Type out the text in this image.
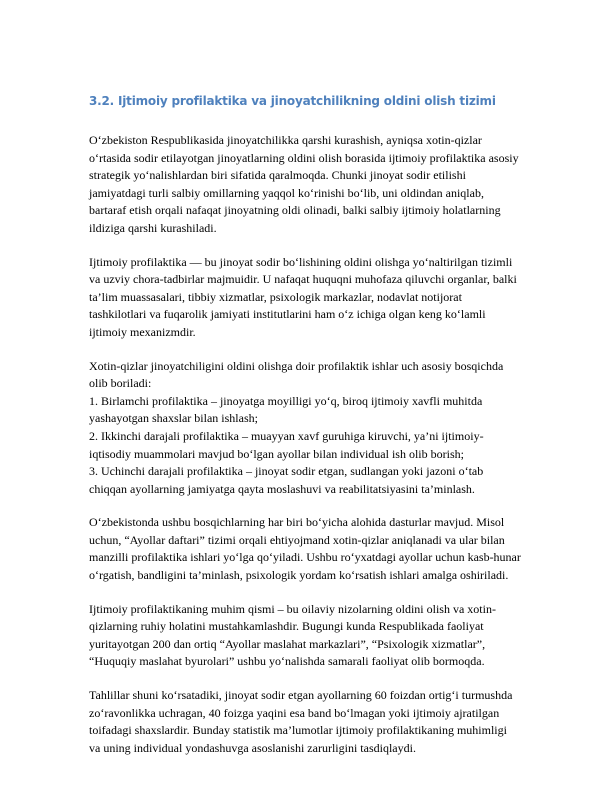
3.2. Ijtimoiy profilaktika va jinoyatchilikning oldini olish tizimi

O‘zbekiston Respublikasida jinoyatchilikka qarshi kurashish, ayniqsa xotin-qizlar
o‘rtasida sodir etilayotgan jinoyatlarning oldini olish borasida ijtimoiy profilaktika asosiy
strategik yo‘nalishlardan biri sifatida qaralmoqda. Chunki jinoyat sodir etilishi
jamiyatdagi turli salbiy omillarning yaqqol ko‘rinishi bo‘lib, uni oldindan aniqlab,
bartaraf etish orqali nafaqat jinoyatning oldi olinadi, balki salbiy ijtimoiy holatlarning
ildiziga qarshi kurashiladi.

Ijtimoiy profilaktika — bu jinoyat sodir bo‘lishining oldini olishga yo‘naltirilgan tizimli
va uzviy chora-tadbirlar majmuidir. U nafaqat huquqni muhofaza qiluvchi organlar, balki
ta’lim muassasalari, tibbiy xizmatlar, psixologik markazlar, nodavlat notijorat
tashkilotlari va fuqarolik jamiyati institutlarini ham o‘z ichiga olgan keng ko‘lamli
ijtimoiy mexanizmdir.

Xotin-qizlar jinoyatchiligini oldini olishga doir profilaktik ishlar uch asosiy bosqichda
olib boriladi:
1. Birlamchi profilaktika – jinoyatga moyilligi yo‘q, biroq ijtimoiy xavfli muhitda
yashayotgan shaxslar bilan ishlash;
2. Ikkinchi darajali profilaktika – muayyan xavf guruhiga kiruvchi, ya’ni ijtimoiy-
iqtisodiy muammolari mavjud bo‘lgan ayollar bilan individual ish olib borish;
3. Uchinchi darajali profilaktika – jinoyat sodir etgan, sudlangan yoki jazoni o‘tab
chiqqan ayollarning jamiyatga qayta moslashuvi va reabilitatsiyasini ta’minlash.

O‘zbekistonda ushbu bosqichlarning har biri bo‘yicha alohida dasturlar mavjud. Misol
uchun, “Ayollar daftari” tizimi orqali ehtiyojmand xotin-qizlar aniqlanadi va ular bilan
manzilli profilaktika ishlari yo‘lga qo‘yiladi. Ushbu ro‘yxatdagi ayollar uchun kasb-hunar
o‘rgatish, bandligini ta’minlash, psixologik yordam ko‘rsatish ishlari amalga oshiriladi.

Ijtimoiy profilaktikaning muhim qismi – bu oilaviy nizolarning oldini olish va xotin-
qizlarning ruhiy holatini mustahkamlashdir. Bugungi kunda Respublikada faoliyat
yuritayotgan 200 dan ortiq “Ayollar maslahat markazlari”, “Psixologik xizmatlar”,
“Huquqiy maslahat byurolari” ushbu yo‘nalishda samarali faoliyat olib bormoqda.

Tahlillar shuni ko‘rsatadiki, jinoyat sodir etgan ayollarning 60 foizdan ortig‘i turmushda
zo‘ravonlikka uchragan, 40 foizga yaqini esa band bo‘lmagan yoki ijtimoiy ajratilgan
toifadagi shaxslardir. Bunday statistik ma’lumotlar ijtimoiy profilaktikaning muhimligi
va uning individual yondashuvga asoslanishi zarurligini tasdiqlaydi.
